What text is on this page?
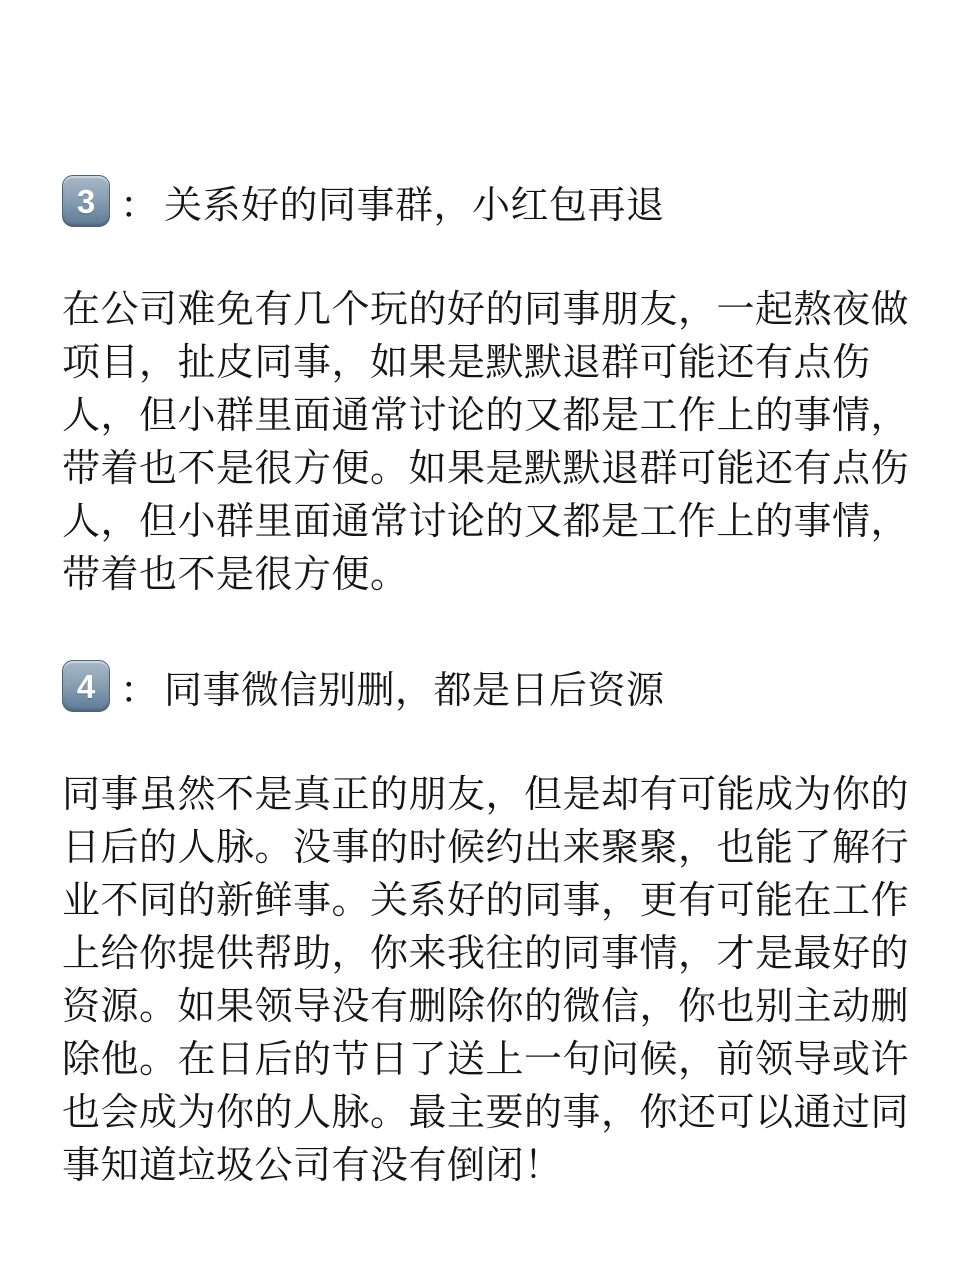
3 ： 关系好的同事群，小红包再退

在公司难免有几个玩的好的同事朋友，一起熬夜做项目，扯皮同事，如果是默默退群可能还有点伤人，但小群里面通常讨论的又都是工作上的事情，带着也不是很方便。如果是默默退群可能还有点伤人，但小群里面通常讨论的又都是工作上的事情，带着也不是很方便。

4 ： 同事微信别删，都是日后资源

同事虽然不是真正的朋友，但是却有可能成为你的日后的人脉。没事的时候约出来聚聚，也能了解行业不同的新鲜事。关系好的同事，更有可能在工作上给你提供帮助，你来我往的同事情，才是最好的资源。如果领导没有删除你的微信，你也别主动删除他。在日后的节日了送上一句问候，前领导或许也会成为你的人脉。最主要的事，你还可以通过同事知道垃圾公司有没有倒闭！
